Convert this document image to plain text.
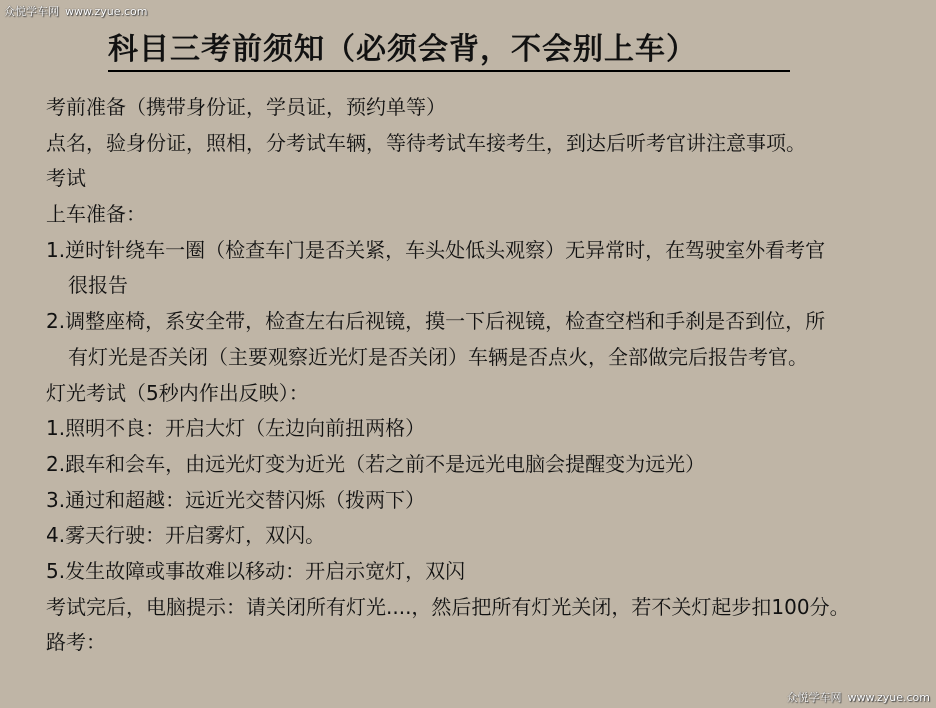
众悦学车网 www.zyue.com
科目三考前须知（必须会背，不会别上车）
考前准备（携带身份证，学员证，预约单等）
点名，验身份证，照相，分考试车辆，等待考试车接考生，到达后听考官讲注意事项。
考试
上车准备：
1.逆时针绕车一圈（检查车门是否关紧，车头处低头观察）无异常时，在驾驶室外看考官
很报告
2.调整座椅，系安全带，检查左右后视镜，摸一下后视镜，检查空档和手刹是否到位，所
有灯光是否关闭（主要观察近光灯是否关闭）车辆是否点火，全部做完后报告考官。
灯光考试（5秒内作出反映）：
1.照明不良：开启大灯（左边向前扭两格）
2.跟车和会车，由远光灯变为近光（若之前不是远光电脑会提醒变为远光）
3.通过和超越：远近光交替闪烁（拨两下）
4.雾天行驶：开启雾灯，双闪。
5.发生故障或事故难以移动：开启示宽灯，双闪
考试完后，电脑提示：请关闭所有灯光....，然后把所有灯光关闭，若不关灯起步扣100分。
路考：
众悦学车网 www.zyue.com
